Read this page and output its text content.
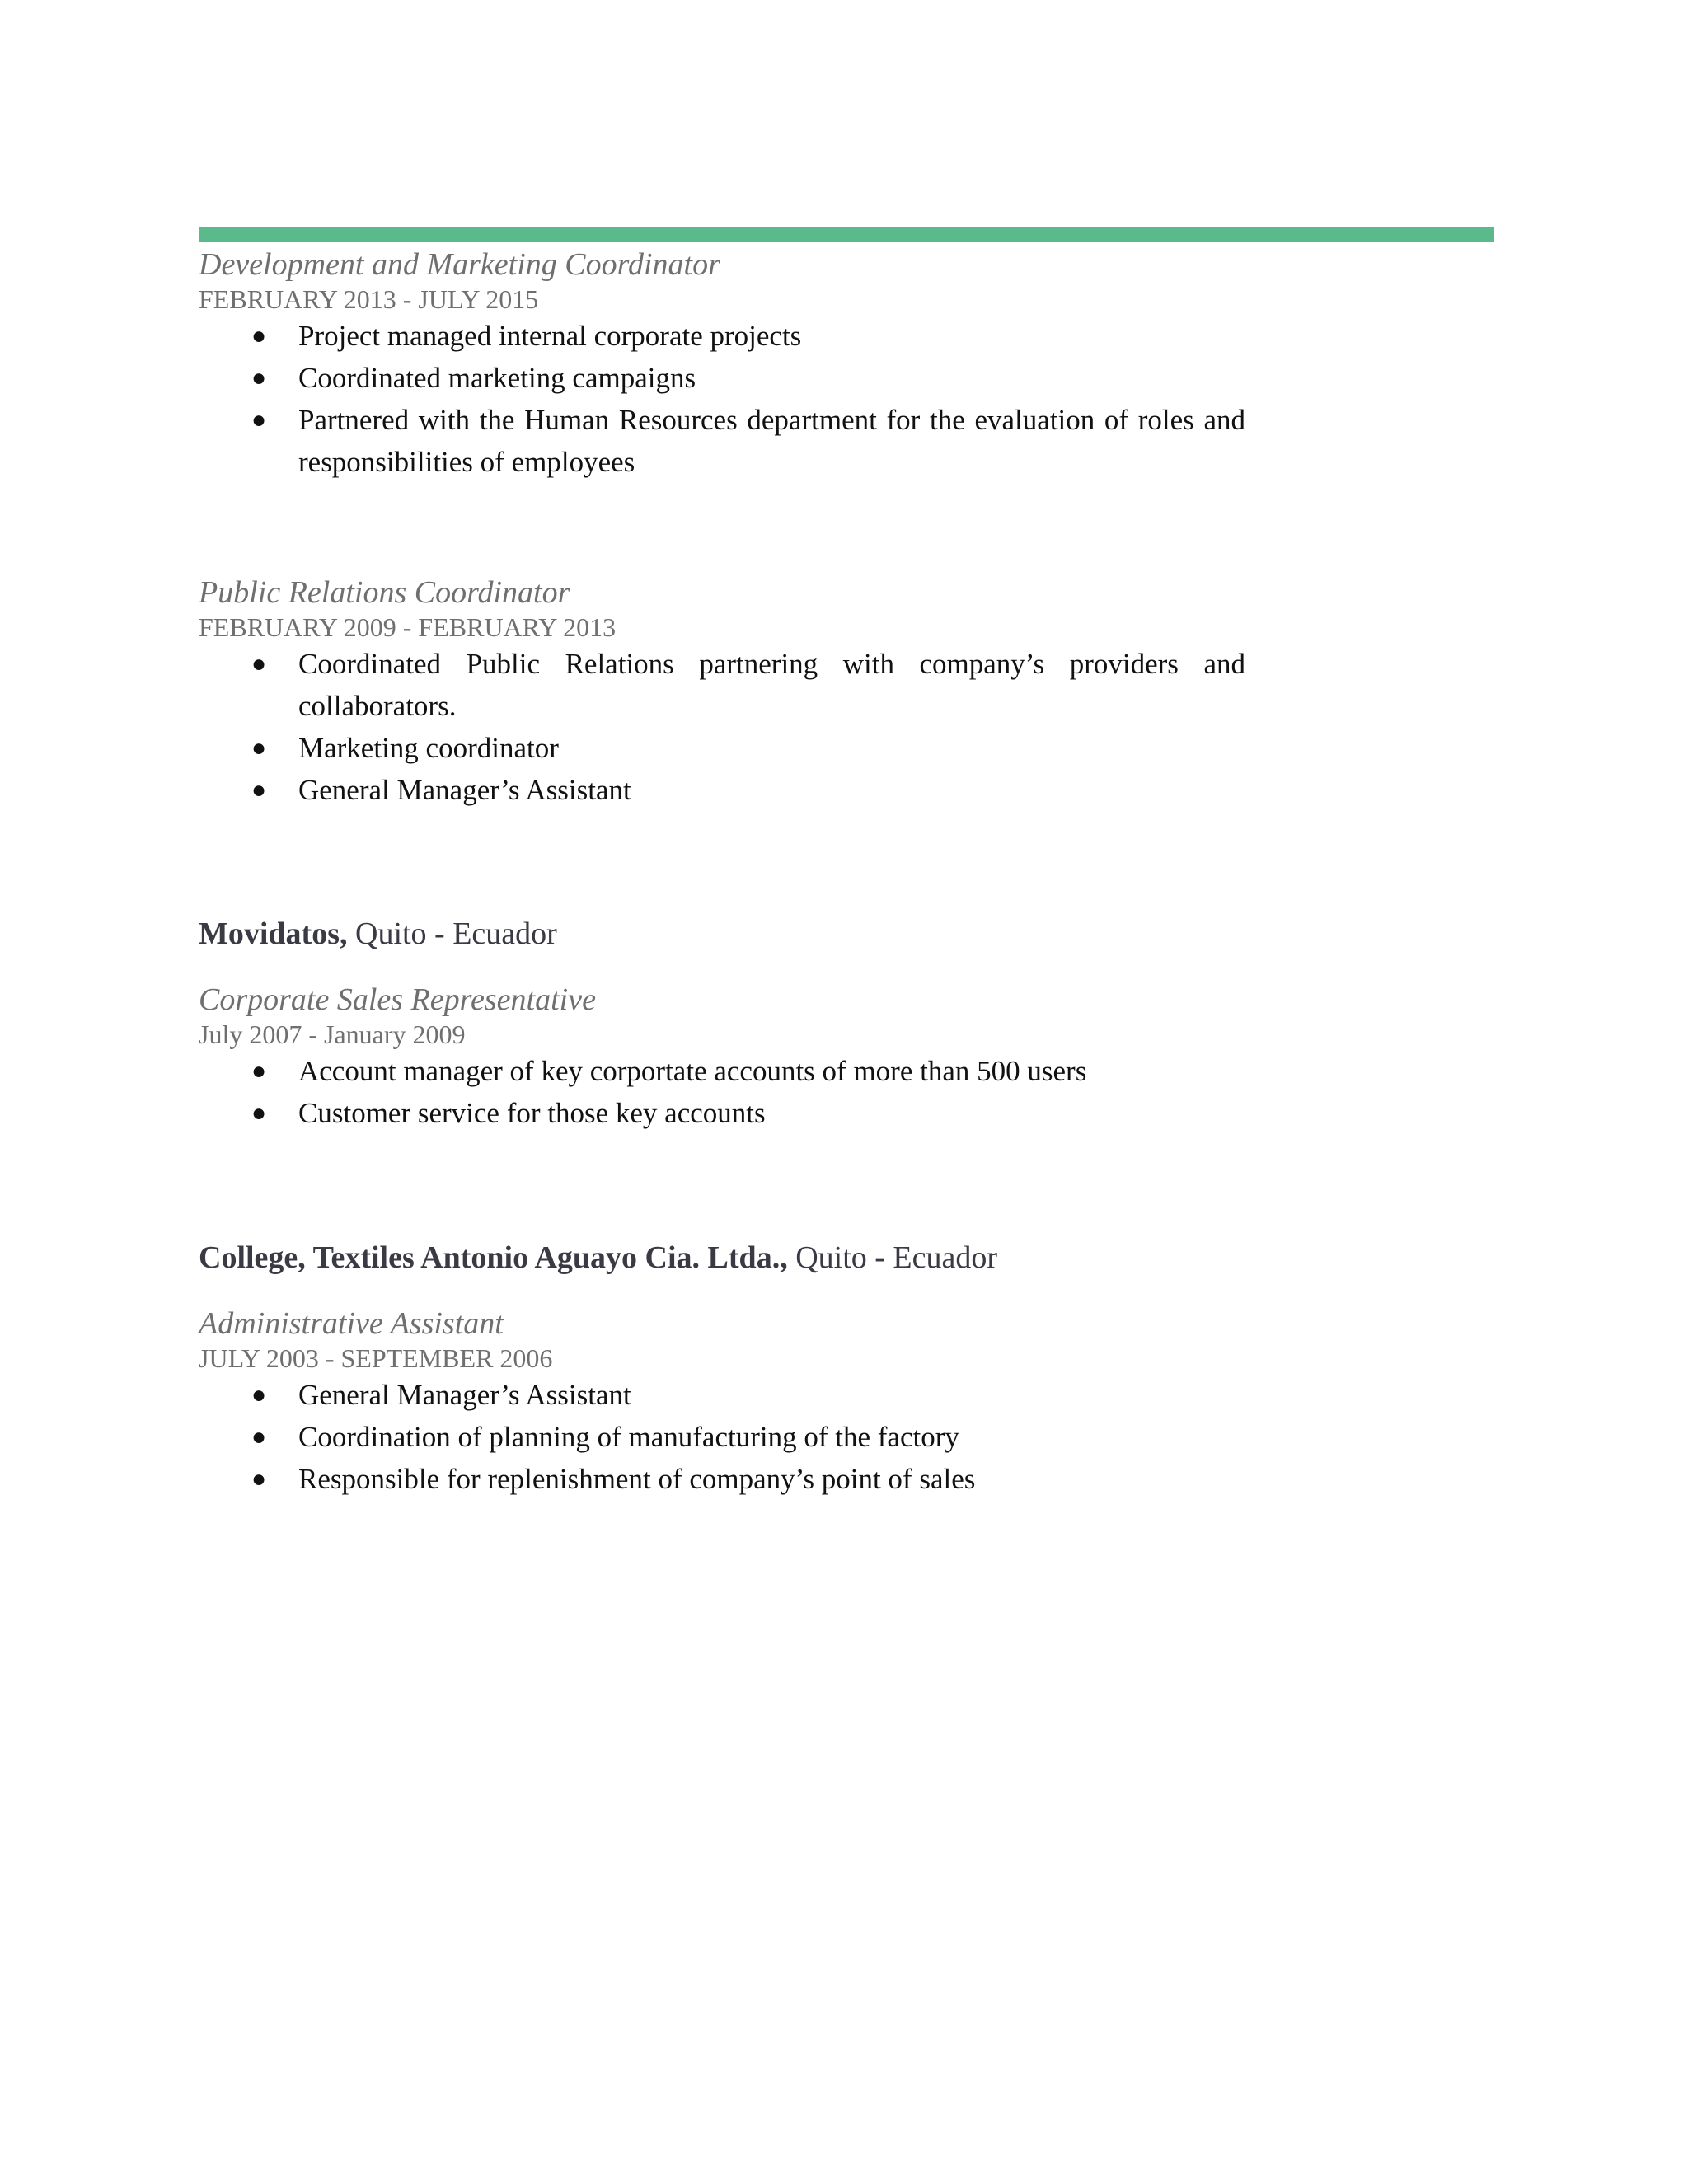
Development and Marketing Coordinator
FEBRUARY 2013 - JULY 2015
● Project managed internal corporate projects
● Coordinated marketing campaigns
● Partnered with the Human Resources department for the evaluation of roles and responsibilities of employees
Public Relations Coordinator
FEBRUARY 2009 - FEBRUARY 2013
● Coordinated Public Relations partnering with company’s providers and collaborators.
● Marketing coordinator
● General Manager’s Assistant
Movidatos, Quito - Ecuador
Corporate Sales Representative
July 2007 - January 2009
● Account manager of key corportate accounts of more than 500 users
● Customer service for those key accounts
College, Textiles Antonio Aguayo Cia. Ltda., Quito - Ecuador
Administrative Assistant
JULY 2003 - SEPTEMBER 2006
● General Manager’s Assistant
● Coordination of planning of manufacturing of the factory
● Responsible for replenishment of company’s point of sales
